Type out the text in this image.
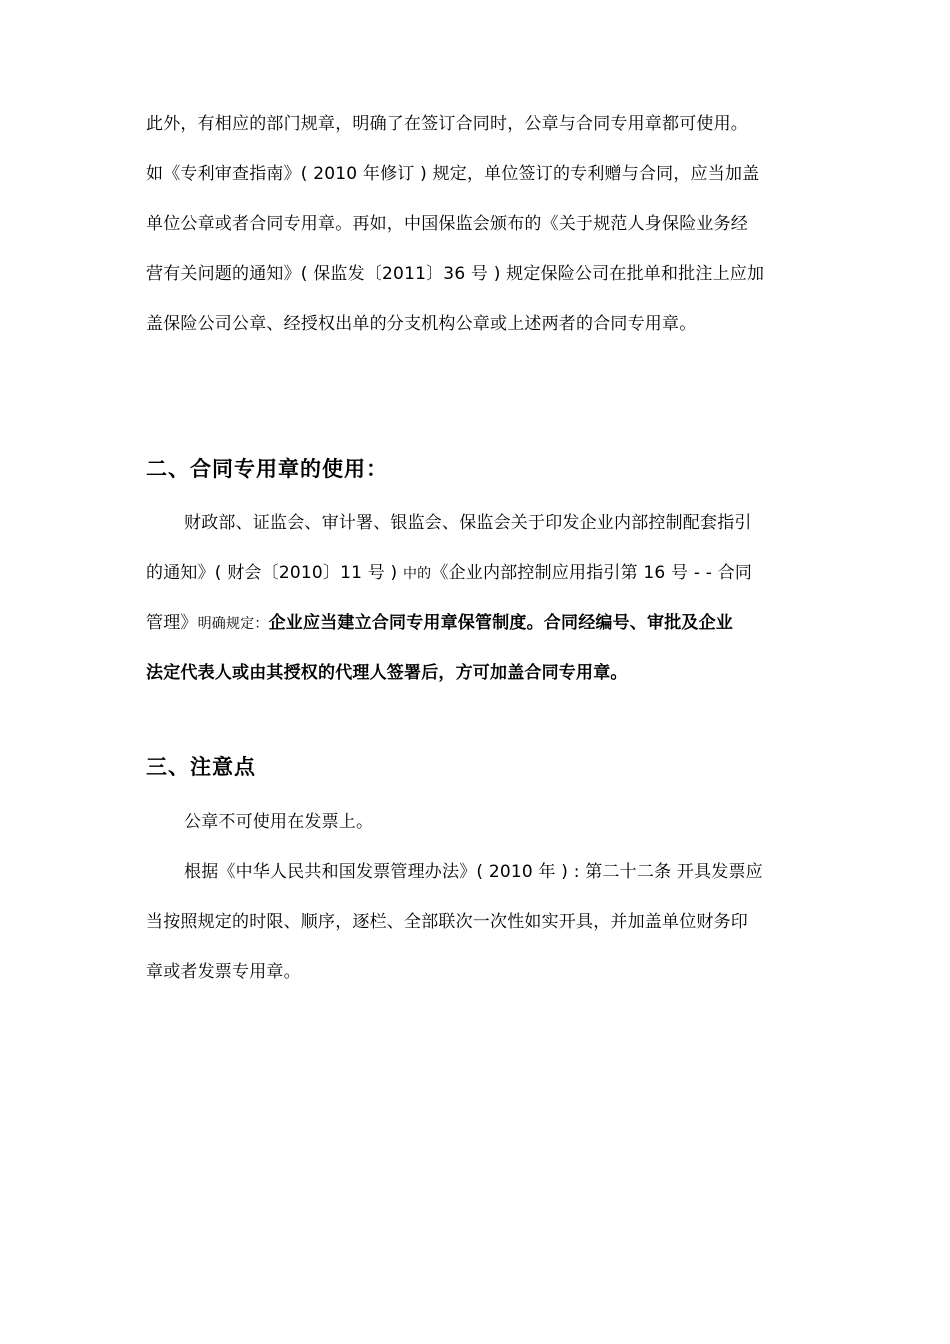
此外，有相应的部门规章，明确了在签订合同时，公章与合同专用章都可使用。
如《专利审查指南》( 2010 年修订 ) 规定，单位签订的专利赠与合同，应当加盖
单位公章或者合同专用章。再如，中国保监会颁布的《关于规范人身保险业务经
营有关问题的通知》( 保监发〔2011〕36 号 ) 规定保险公司在批单和批注上应加
盖保险公司公章、经授权出单的分支机构公章或上述两者的合同专用章。
二、合同专用章的使用：
财政部、证监会、审计署、银监会、保监会关于印发企业内部控制配套指引
的通知》( 财会〔2010〕11 号 ) 中的《企业内部控制应用指引第 16 号 - - 合同
管理》明确规定：企业应当建立合同专用章保管制度。合同经编号、审批及企业
法定代表人或由其授权的代理人签署后，方可加盖合同专用章。
三、注意点
公章不可使用在发票上。
根据《中华人民共和国发票管理办法》( 2010 年 ) : 第二十二条 开具发票应
当按照规定的时限、顺序，逐栏、全部联次一次性如实开具，并加盖单位财务印
章或者发票专用章。
